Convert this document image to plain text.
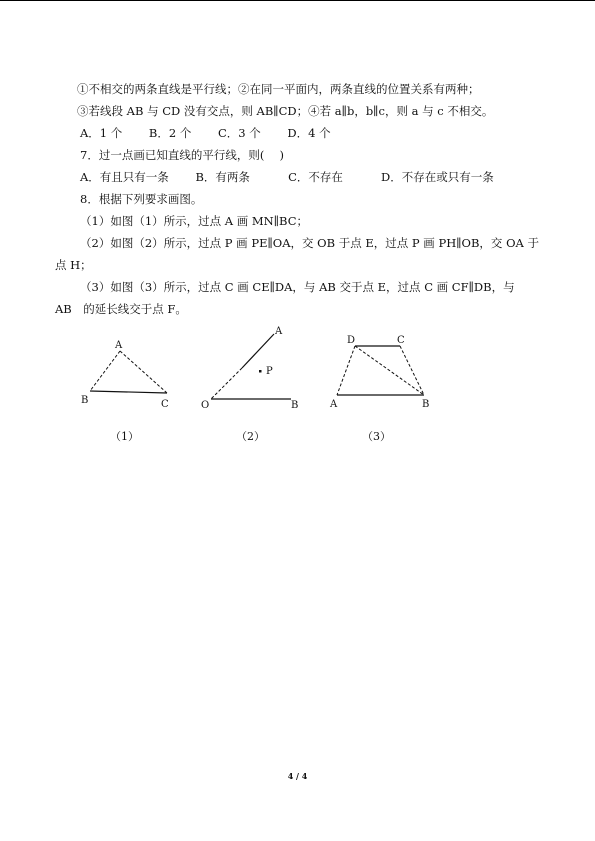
①不相交的两条直线是平行线；②在同一平面内，两条直线的位置关系有两种；
③若线段 AB 与 CD 没有交点，则 AB∥CD；④若 a∥b，b∥c，则 a 与 c 不相交。
A．1 个　　 B．2 个　　 C．3 个　　 D．4 个
7．过一点画已知直线的平行线，则(　 )
A．有且只有一条　　 B．有两条　　　 C．不存在　　　 D．不存在或只有一条
8．根据下列要求画图。
（1）如图（1）所示，过点 A 画 MN∥BC；
（2）如图（2）所示，过点 P 画 PE∥OA，交 OB 于点 E，过点 P 画 PH∥OB，交 OA 于
点 H；
（3）如图（3）所示，过点 C 画 CE∥DA，与 AB 交于点 E，过点 C 画 CF∥DB，与
AB　的延长线交于点 F。
A
B	C
（1）
A
P
O	B
（2）
D	C
A	B
（3）
4 / 4
